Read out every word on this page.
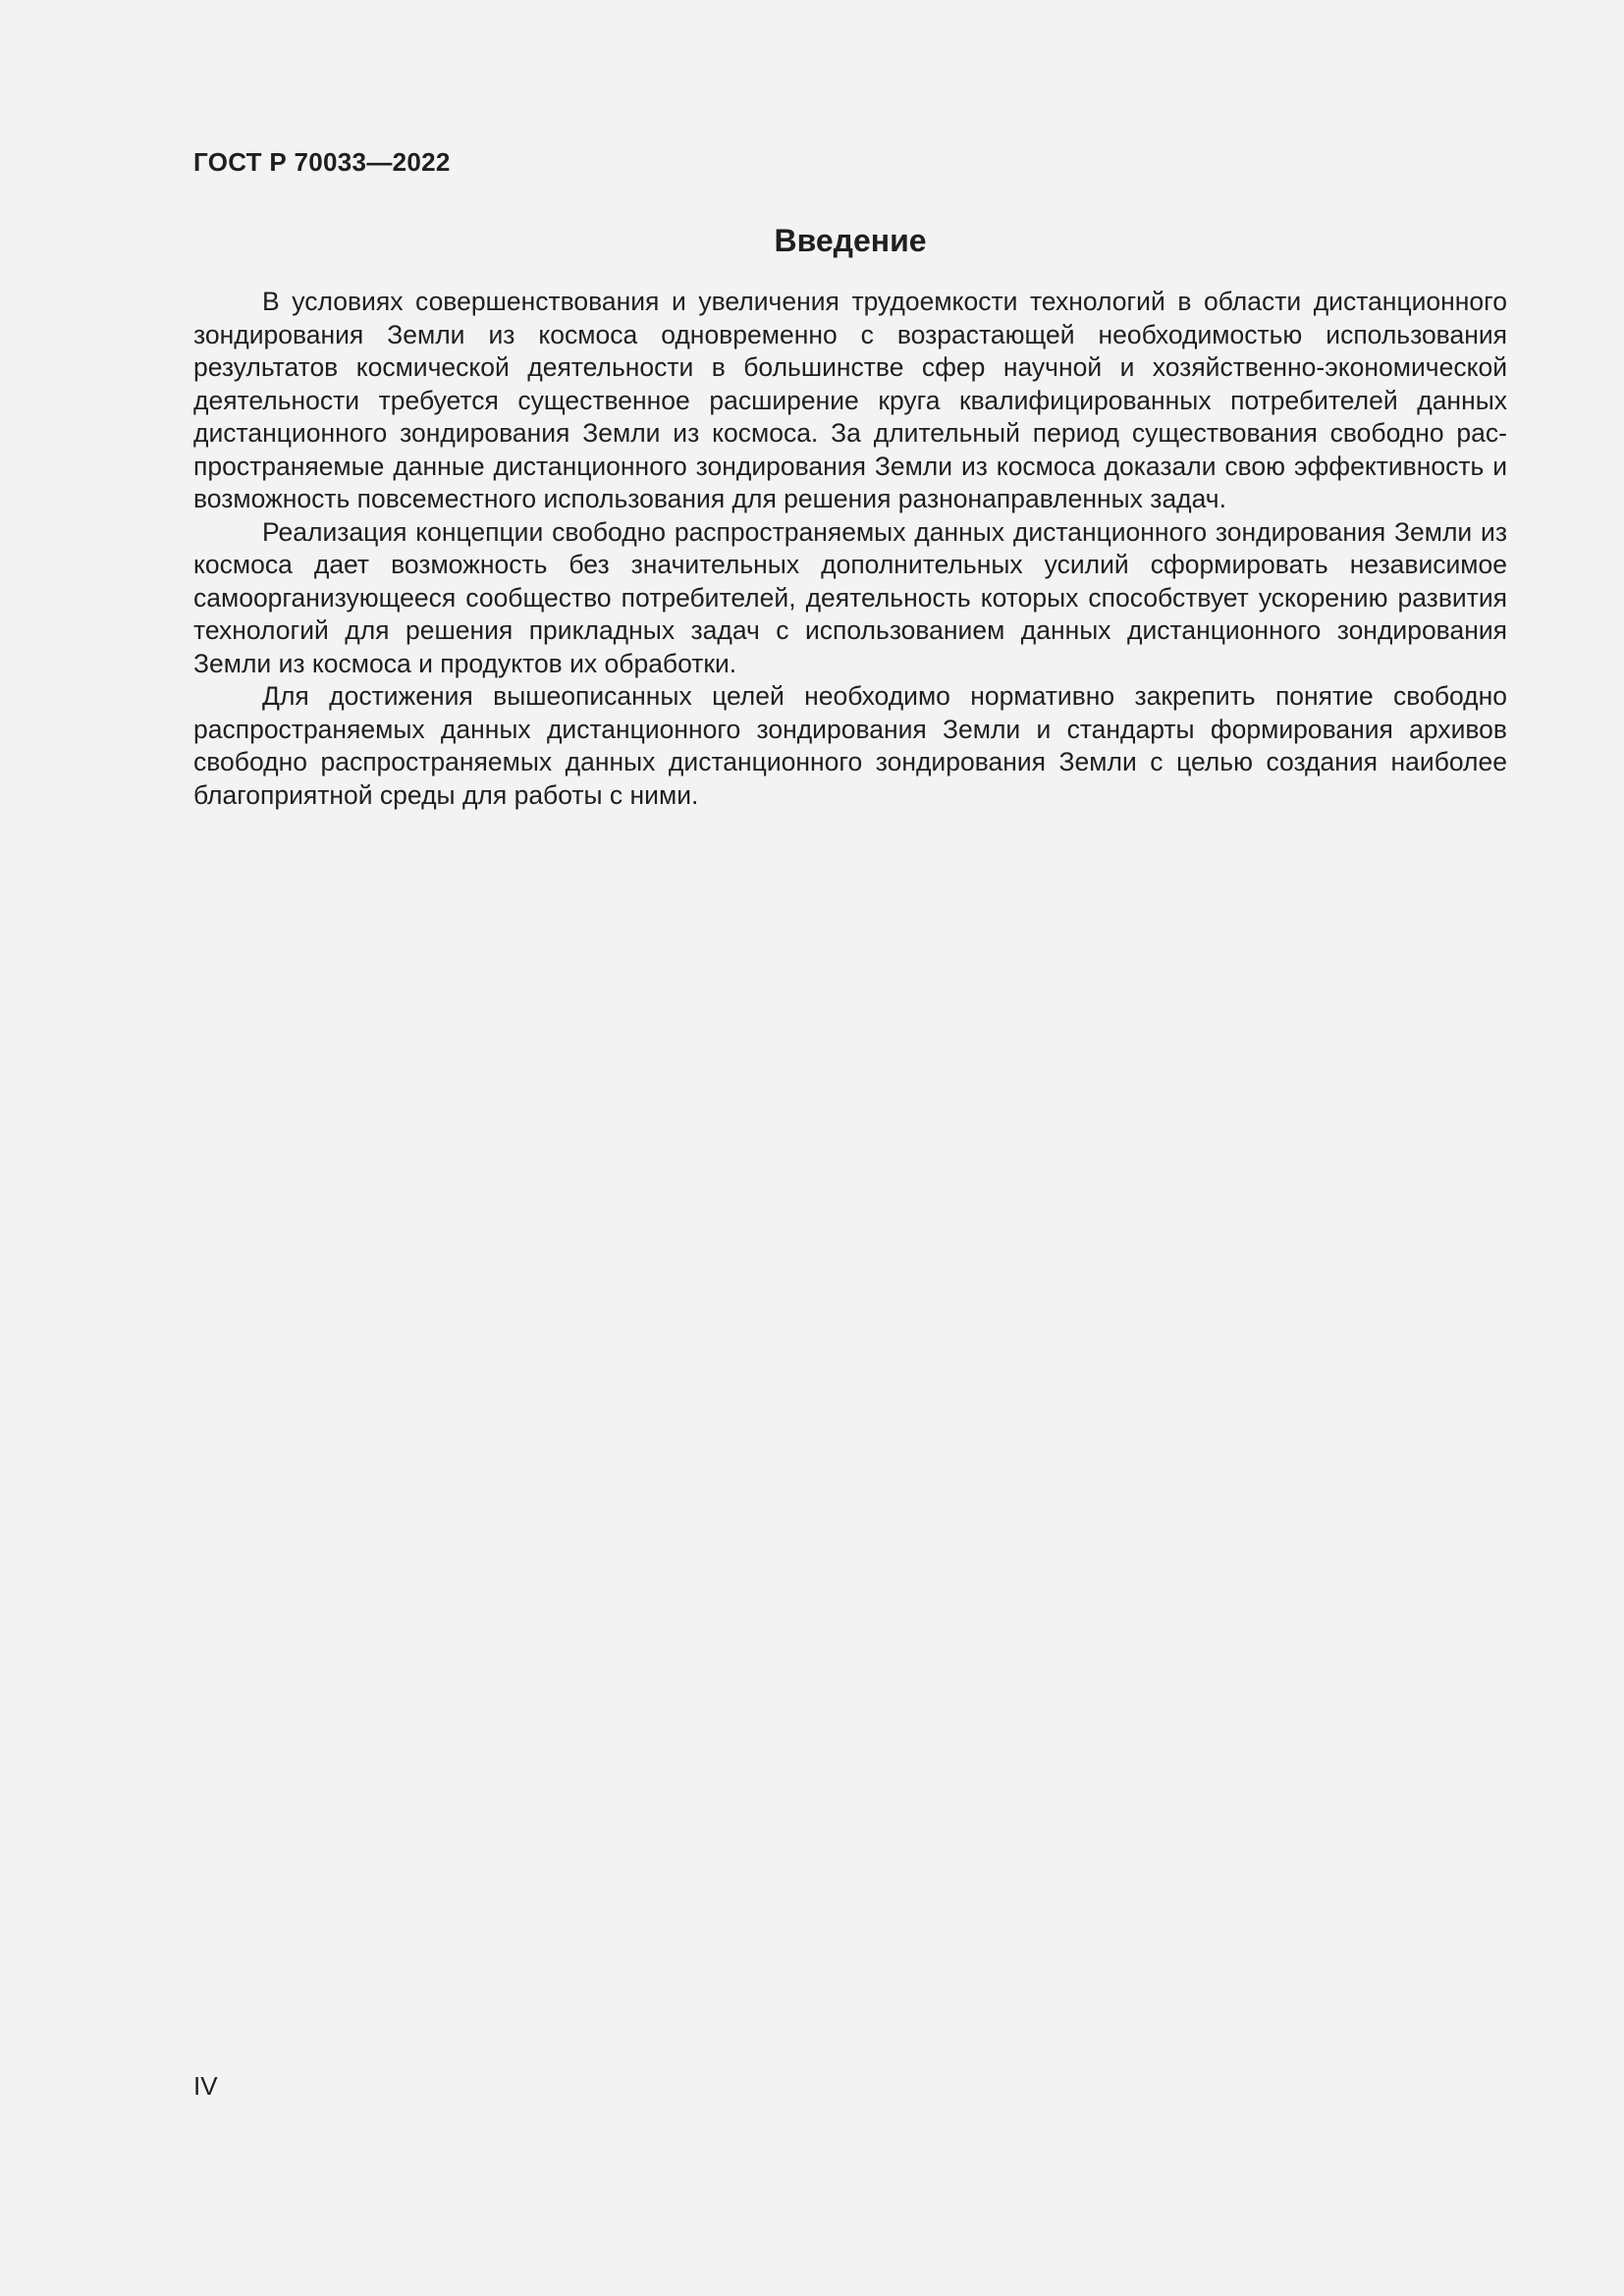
ГОСТ Р 70033—2022
Введение

В условиях совершенствования и увеличения трудоемкости технологий в области дистанционного зондирования Земли из космоса одновременно с возрастающей необходимостью использования результатов космической деятельности в большинстве сфер научной и хозяйственно-экономической деятельности требуется существенное расширение круга квалифицированных потребителей данных дистанционного зондирования Земли из космоса. За длительный период существования свободно распространяемые данные дистанционного зондирования Земли из космоса доказали свою эффективность и возможность повсеместного использования для решения разнонаправленных задач.

Реализация концепции свободно распространяемых данных дистанционного зондирования Земли из космоса дает возможность без значительных дополнительных усилий сформировать независимое самоорганизующееся сообщество потребителей, деятельность которых способствует ускорению развития технологий для решения прикладных задач с использованием данных дистанционного зондирования Земли из космоса и продуктов их обработки.

Для достижения вышеописанных целей необходимо нормативно закрепить понятие свободно распространяемых данных дистанционного зондирования Земли и стандарты формирования архивов свободно распространяемых данных дистанционного зондирования Земли с целью создания наиболее благоприятной среды для работы с ними.

IV
